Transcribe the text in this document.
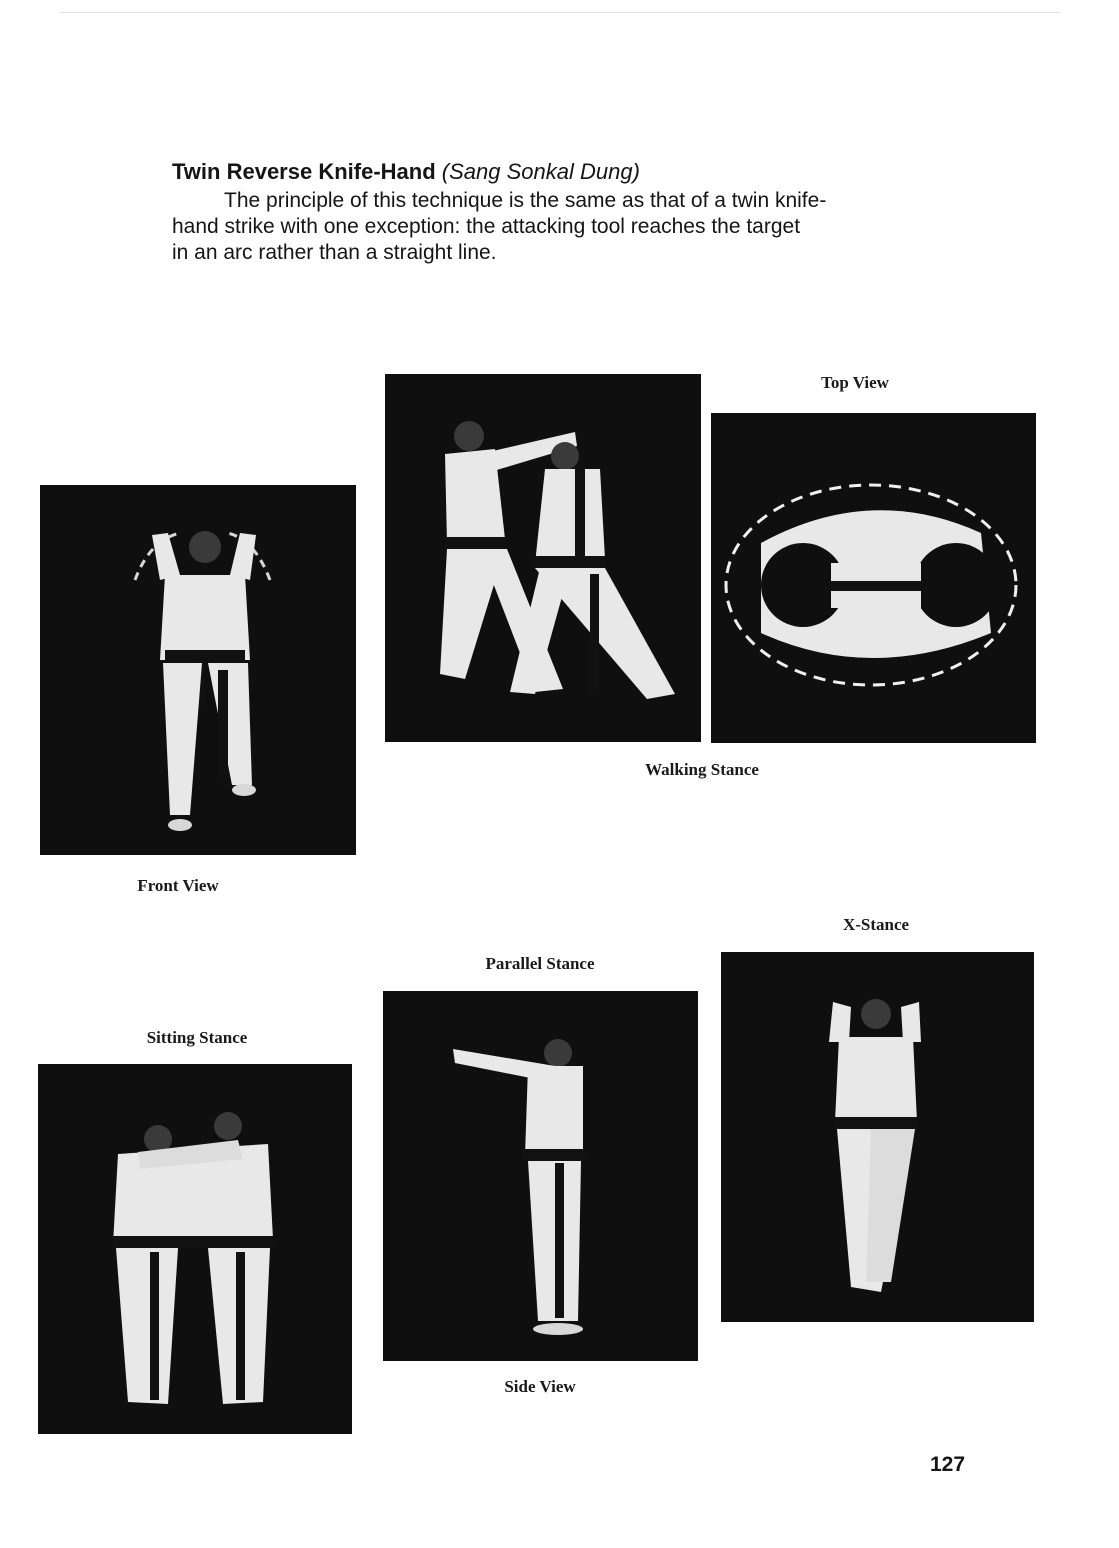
Twin Reverse Knife-Hand (Sang Sonkal Dung)

The principle of this technique is the same as that of a twin knife-
hand strike with one exception: the attacking tool reaches the target
in an arc rather than a straight line.

Front View
Top View
Walking Stance
X-Stance
Parallel Stance
Side View
Sitting Stance
127
